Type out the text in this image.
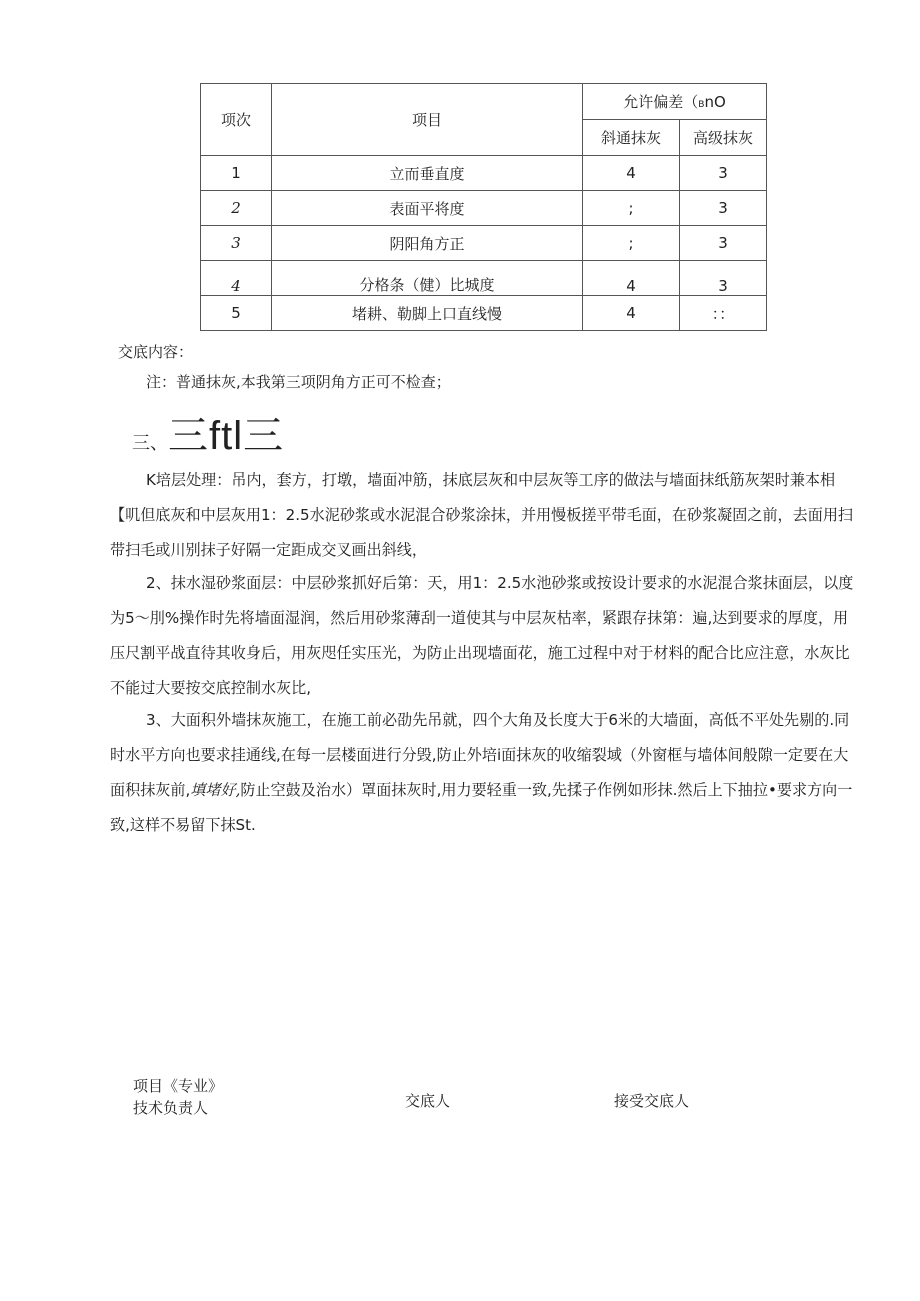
项次	项目	允许偏差（BnO	
		斜通抹灰	高级抹灰
1	立而垂直度	4	3
2	表面平将度	;	3
3	阴阳角方正	;	3
4	分格条（健）比城度	4	3
5	堵耕、勒脚上口直线慢	4	：：
交底内容：
注：普通抹灰,本我第三项阴角方正可不检查；
三、三ftl三

K培层处理：吊内，套方，打墩，墙面冲筋，抹底层灰和中层灰等工序的做法与墙面抹纸筋灰架时兼本相

【叽但底灰和中层灰用1：2.5水泥砂浆或水泥混合砂浆涂抹，并用慢板搓平带毛面，在砂浆凝固之前，去面用扫

带扫毛或川别抹子好隔一定距成交叉画出斜线，

2、抹水湿砂浆面层：中层砂浆抓好后第：天，用1：2.5水池砂浆或按设计要求的水泥混合浆抹面层，以度

为5〜刖%操作时先将墙面湿润，然后用砂浆薄刮一道使其与中层灰枯率，紧跟存抹第：遍,达到要求的厚度，用

压尺割平战直待其收身后，用灰咫任实压光，为防止出现墙面花，施工过程中对于材料的配合比应注意，水灰比

不能过大要按交底控制水灰比,

3、大面积外墙抹灰施工，在施工前必劭先吊就，四个大角及长度大于6米的大墙面，高低不平处先剔的.同

时水平方向也要求挂通线,在每一层楼面进行分毁,防止外培i面抹灰的收缩裂域（外窗框与墙体间般隙一定要在大

面积抹灰前,填堵好,防止空鼓及治水）罩面抹灰时,用力要轻重一致,先揉子作例如形抹.然后上下抽拉•要求方向一

致,这样不易留下抹St.

项目《专业》
技术负责人	交底人	接受交底人
